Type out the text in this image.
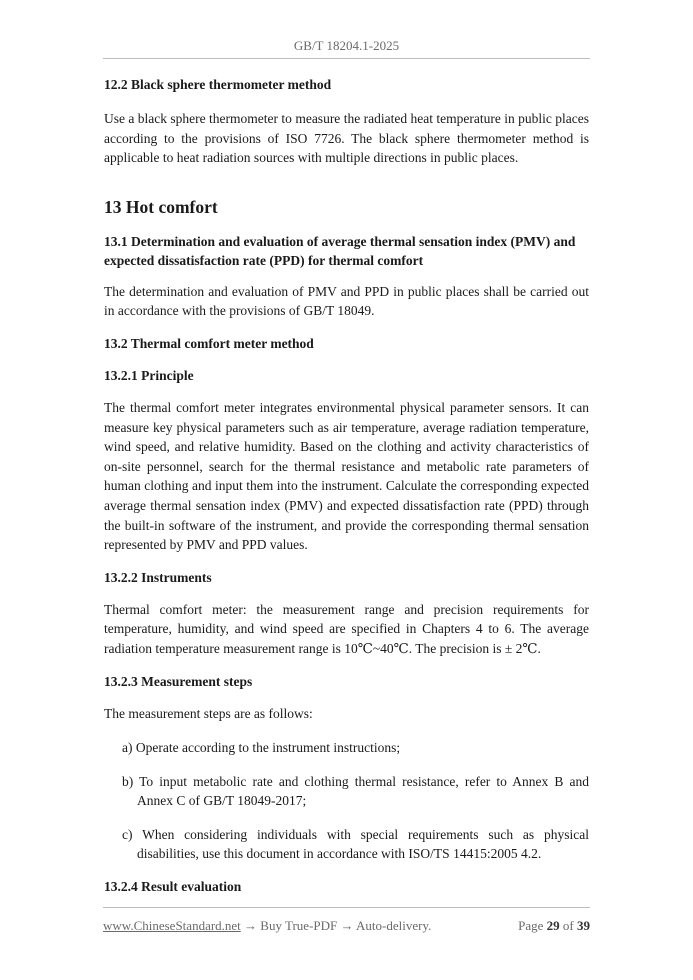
GB/T 18204.1-2025
12.2 Black sphere thermometer method

Use a black sphere thermometer to measure the radiated heat temperature in public places according to the provisions of ISO 7726. The black sphere thermometer method is applicable to heat radiation sources with multiple directions in public places.

13 Hot comfort
13.1 Determination and evaluation of average thermal sensation index (PMV) and expected dissatisfaction rate (PPD) for thermal comfort

The determination and evaluation of PMV and PPD in public places shall be carried out in accordance with the provisions of GB/T 18049.

13.2 Thermal comfort meter method
13.2.1 Principle

The thermal comfort meter integrates environmental physical parameter sensors. It can measure key physical parameters such as air temperature, average radiation temperature, wind speed, and relative humidity. Based on the clothing and activity characteristics of on-site personnel, search for the thermal resistance and metabolic rate parameters of human clothing and input them into the instrument. Calculate the corresponding expected average thermal sensation index (PMV) and expected dissatisfaction rate (PPD) through the built-in software of the instrument, and provide the corresponding thermal sensation represented by PMV and PPD values.

13.2.2 Instruments

Thermal comfort meter: the measurement range and precision requirements for temperature, humidity, and wind speed are specified in Chapters 4 to 6. The average radiation temperature measurement range is 10℃~40℃. The precision is ± 2℃.

13.2.3 Measurement steps

The measurement steps are as follows:

a) Operate according to the instrument instructions;

b) To input metabolic rate and clothing thermal resistance, refer to Annex B and Annex C of GB/T 18049-2017;

c) When considering individuals with special requirements such as physical disabilities, use this document in accordance with ISO/TS 14415:2005 4.2.

13.2.4 Result evaluation
www.ChineseStandard.net → Buy True-PDF → Auto-delivery.	Page 29 of 39
